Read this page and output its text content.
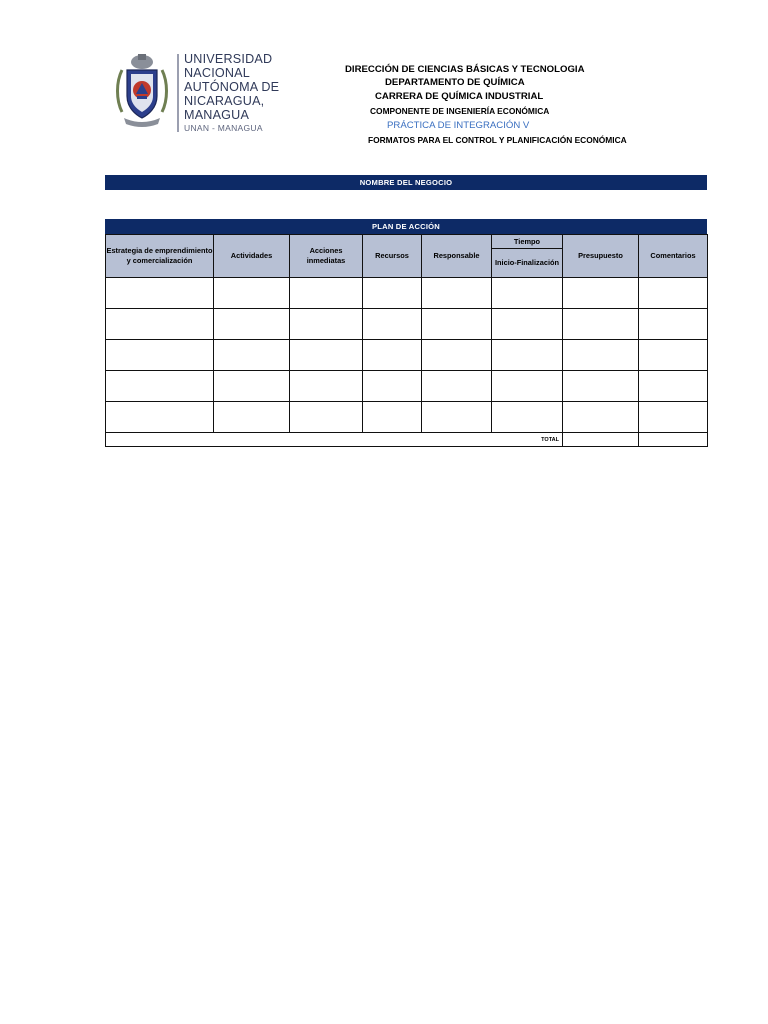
UNIVERSIDAD
NACIONAL
AUTÓNOMA DE
NICARAGUA,
MANAGUA
UNAN - MANAGUA
DIRECCIÓN DE CIENCIAS BÁSICAS Y TECNOLOGIA
DEPARTAMENTO DE QUÍMICA
CARRERA DE QUÍMICA INDUSTRIAL
COMPONENTE DE INGENIERÍA ECONÓMICA
PRÁCTICA DE INTEGRACIÓN V
FORMATOS PARA EL CONTROL Y PLANIFICACIÓN ECONÓMICA
NOMBRE DEL NEGOCIO
PLAN DE ACCIÓN
Estrategia de emprendimiento y comercialización	Actividades	Acciones inmediatas	Recursos	Responsable	Tiempo	Presupuesto	Comentarios
					Inicio-Finalización		

TOTAL							
